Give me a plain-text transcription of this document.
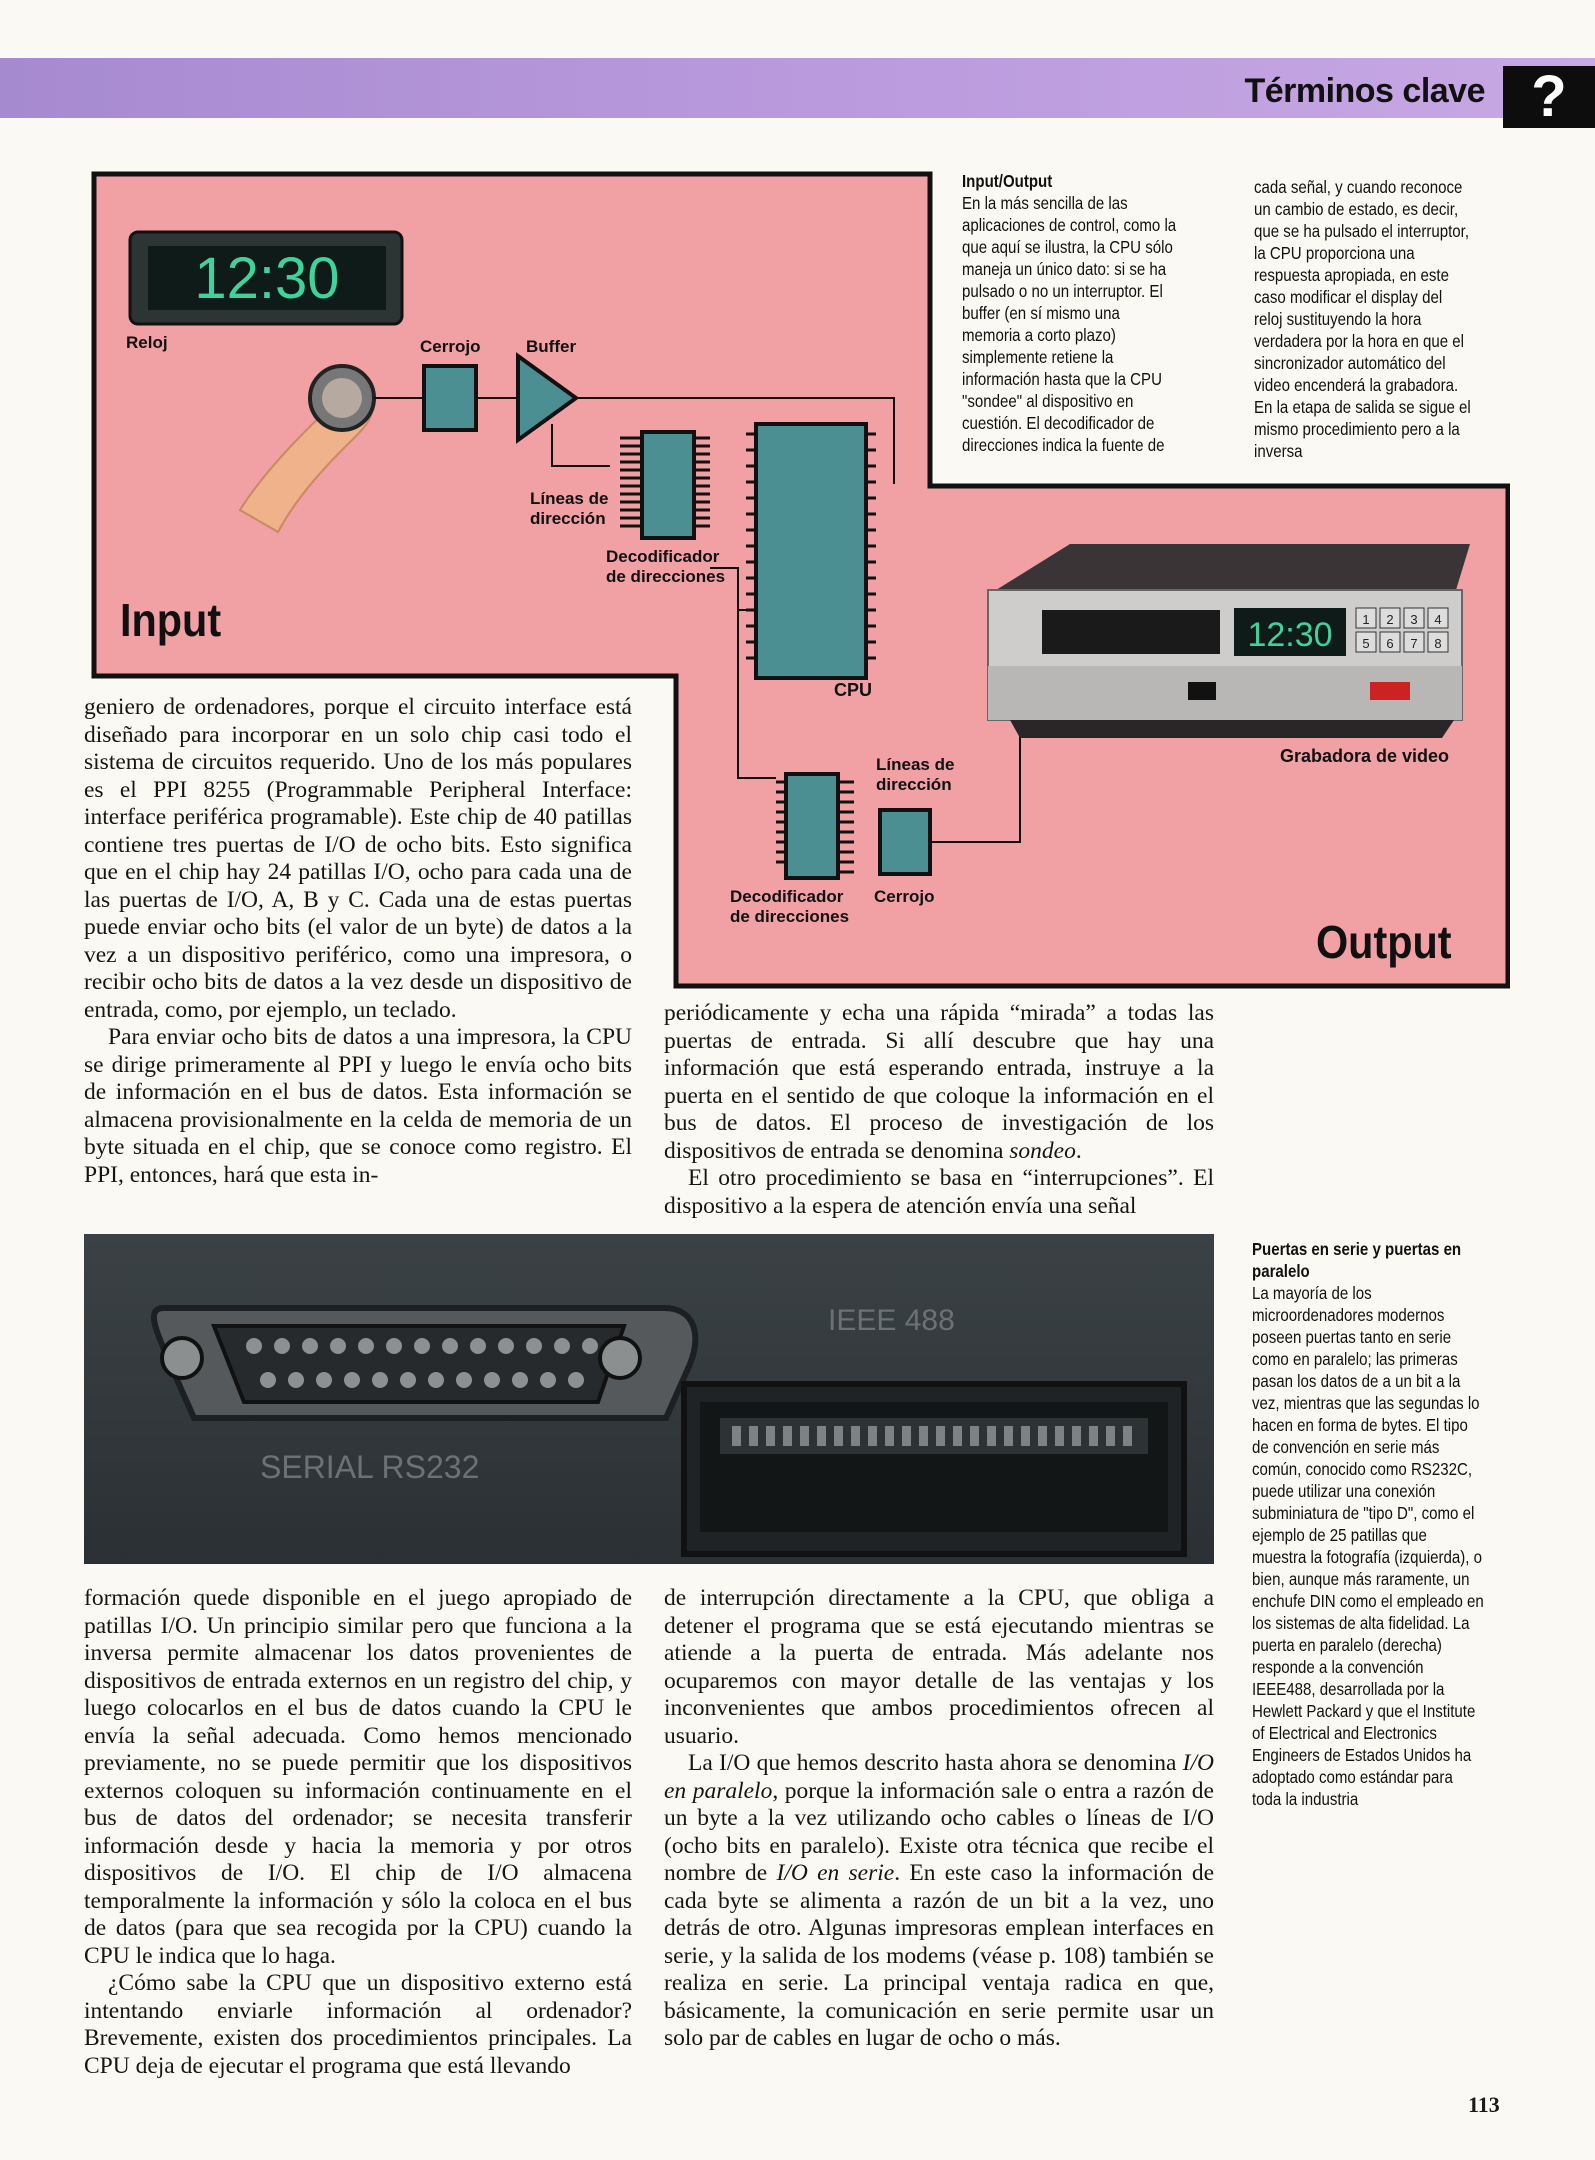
Términos clave ?
12:30
Reloj	Cerrojo	Buffer
Líneas de
dirección
Decodificador
de direcciones
CPU
Líneas de
dirección
Decodificador
de direcciones
Cerrojo
12:30 1 2 3 4
5 6 7 8
Grabadora de video
Input
Output
Input/Output
En la más sencilla de las aplicaciones de control, como la que aquí se ilustra, la CPU sólo maneja un único dato: si se ha pulsado o no un interruptor. El buffer (en sí mismo una memoria a corto plazo) simplemente retiene la información hasta que la CPU "sondee" al dispositivo en cuestión. El decodificador de direcciones indica la fuente de
cada señal, y cuando reconoce un cambio de estado, es decir, que se ha pulsado el interruptor, la CPU proporciona una respuesta apropiada, en este caso modificar el display del reloj sustituyendo la hora verdadera por la hora en que el sincronizador automático del video encenderá la grabadora. En la etapa de salida se sigue el mismo procedimiento pero a la inversa

geniero de ordenadores, porque el circuito interface está diseñado para incorporar en un solo chip casi todo el sistema de circuitos requerido. Uno de los más populares es el PPI 8255 (Programmable Peripheral Interface: interface periférica programable). Este chip de 40 patillas contiene tres puertas de I/O de ocho bits. Esto significa que en el chip hay 24 patillas I/O, ocho para cada una de las puertas de I/O, A, B y C. Cada una de estas puertas puede enviar ocho bits (el valor de un byte) de datos a la vez a un dispositivo periférico, como una impresora, o recibir ocho bits de datos a la vez desde un dispositivo de entrada, como, por ejemplo, un teclado.

Para enviar ocho bits de datos a una impresora, la CPU se dirige primeramente al PPI y luego le envía ocho bits de información en el bus de datos. Esta información se almacena provisionalmente en la celda de memoria de un byte situada en el chip, que se conoce como registro. El PPI, entonces, hará que esta in-

periódicamente y echa una rápida “mirada” a todas las puertas de entrada. Si allí descubre que hay una información que está esperando entrada, instruye a la puerta en el sentido de que coloque la información en el bus de datos. El proceso de investigación de los dispositivos de entrada se denomina sondeo.

El otro procedimiento se basa en “interrupciones”. El dispositivo a la espera de atención envía una señal

SERIAL RS232
IEEE 488
Puertas en serie y puertas en paralelo
La mayoría de los microordenadores modernos poseen puertas tanto en serie como en paralelo; las primeras pasan los datos de a un bit a la vez, mientras que las segundas lo hacen en forma de bytes. El tipo de convención en serie más común, conocido como RS232C, puede utilizar una conexión subminiatura de "tipo D", como el ejemplo de 25 patillas que muestra la fotografía (izquierda), o bien, aunque más raramente, un enchufe DIN como el empleado en los sistemas de alta fidelidad. La puerta en paralelo (derecha) responde a la convención IEEE488, desarrollada por la Hewlett Packard y que el Institute of Electrical and Electronics Engineers de Estados Unidos ha adoptado como estándar para toda la industria

formación quede disponible en el juego apropiado de patillas I/O. Un principio similar pero que funciona a la inversa permite almacenar los datos provenientes de dispositivos de entrada externos en un registro del chip, y luego colocarlos en el bus de datos cuando la CPU le envía la señal adecuada. Como hemos mencionado previamente, no se puede permitir que los dispositivos externos coloquen su información continuamente en el bus de datos del ordenador; se necesita transferir información desde y hacia la memoria y por otros dispositivos de I/O. El chip de I/O almacena temporalmente la información y sólo la coloca en el bus de datos (para que sea recogida por la CPU) cuando la CPU le indica que lo haga.

¿Cómo sabe la CPU que un dispositivo externo está intentando enviarle información al ordenador? Brevemente, existen dos procedimientos principales. La CPU deja de ejecutar el programa que está llevando

de interrupción directamente a la CPU, que obliga a detener el programa que se está ejecutando mientras se atiende a la puerta de entrada. Más adelante nos ocuparemos con mayor detalle de las ventajas y los inconvenientes que ambos procedimientos ofrecen al usuario.

La I/O que hemos descrito hasta ahora se denomina I/O en paralelo, porque la información sale o entra a razón de un byte a la vez utilizando ocho cables o líneas de I/O (ocho bits en paralelo). Existe otra técnica que recibe el nombre de I/O en serie. En este caso la información de cada byte se alimenta a razón de un bit a la vez, uno detrás de otro. Algunas impresoras emplean interfaces en serie, y la salida de los modems (véase p. 108) también se realiza en serie. La principal ventaja radica en que, básicamente, la comunicación en serie permite usar un solo par de cables en lugar de ocho o más.

113
